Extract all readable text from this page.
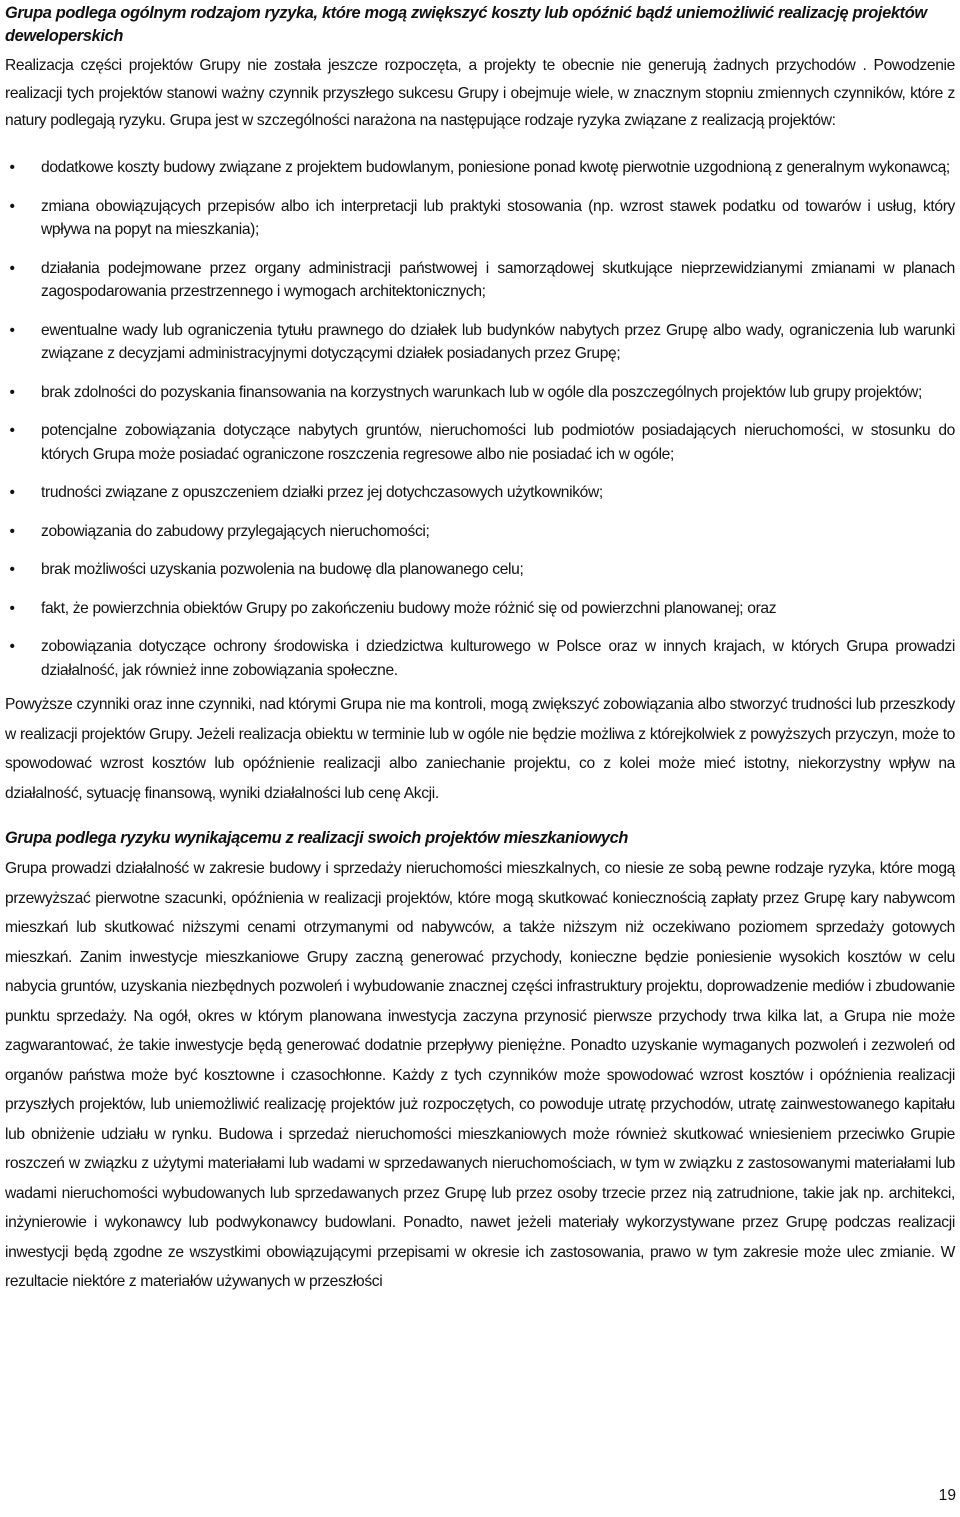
Grupa podlega ogólnym rodzajom ryzyka, które mogą zwiększyć koszty lub opóźnić bądź uniemożliwić realizację projektów deweloperskich

Realizacja części projektów Grupy nie została jeszcze rozpoczęta, a projekty te obecnie nie generują żadnych przychodów . Powodzenie realizacji tych projektów stanowi ważny czynnik przyszłego sukcesu Grupy i obejmuje wiele, w znacznym stopniu zmiennych czynników, które z natury podlegają ryzyku. Grupa jest w szczególności narażona na następujące rodzaje ryzyka związane z realizacją projektów:

• dodatkowe koszty budowy związane z projektem budowlanym, poniesione ponad kwotę pierwotnie uzgodnioną z generalnym wykonawcą;
• zmiana obowiązujących przepisów albo ich interpretacji lub praktyki stosowania (np. wzrost stawek podatku od towarów i usług, który wpływa na popyt na mieszkania);
• działania podejmowane przez organy administracji państwowej i samorządowej skutkujące nieprzewidzianymi zmianami w planach zagospodarowania przestrzennego i wymogach architektonicznych;
• ewentualne wady lub ograniczenia tytułu prawnego do działek lub budynków nabytych przez Grupę albo wady, ograniczenia lub warunki związane z decyzjami administracyjnymi dotyczącymi działek posiadanych przez Grupę;
• brak zdolności do pozyskania finansowania na korzystnych warunkach lub w ogóle dla poszczególnych projektów lub grupy projektów;
• potencjalne zobowiązania dotyczące nabytych gruntów, nieruchomości lub podmiotów posiadających nieruchomości, w stosunku do których Grupa może posiadać ograniczone roszczenia regresowe albo nie posiadać ich w ogóle;
• trudności związane z opuszczeniem działki przez jej dotychczasowych użytkowników;
• zobowiązania do zabudowy przylegających nieruchomości;
• brak możliwości uzyskania pozwolenia na budowę dla planowanego celu;
• fakt, że powierzchnia obiektów Grupy po zakończeniu budowy może różnić się od powierzchni planowanej; oraz
• zobowiązania dotyczące ochrony środowiska i dziedzictwa kulturowego w Polsce oraz w innych krajach, w których Grupa prowadzi działalność, jak również inne zobowiązania społeczne.

Powyższe czynniki oraz inne czynniki, nad którymi Grupa nie ma kontroli, mogą zwiększyć zobowiązania albo stworzyć trudności lub przeszkody w realizacji projektów Grupy. Jeżeli realizacja obiektu w terminie lub w ogóle nie będzie możliwa z którejkolwiek z powyższych przyczyn, może to spowodować wzrost kosztów lub opóźnienie realizacji albo zaniechanie projektu, co z kolei może mieć istotny, niekorzystny wpływ na działalność, sytuację finansową, wyniki działalności lub cenę Akcji.

Grupa podlega ryzyku wynikającemu z realizacji swoich projektów mieszkaniowych

Grupa prowadzi działalność w zakresie budowy i sprzedaży nieruchomości mieszkalnych, co niesie ze sobą pewne rodzaje ryzyka, które mogą przewyższać pierwotne szacunki, opóźnienia w realizacji projektów, które mogą skutkować koniecznością zapłaty przez Grupę kary nabywcom mieszkań lub skutkować niższymi cenami otrzymanymi od nabywców, a także niższym niż oczekiwano poziomem sprzedaży gotowych mieszkań. Zanim inwestycje mieszkaniowe Grupy zaczną generować przychody, konieczne będzie poniesienie wysokich kosztów w celu nabycia gruntów, uzyskania niezbędnych pozwoleń i wybudowanie znacznej części infrastruktury projektu, doprowadzenie mediów i zbudowanie punktu sprzedaży. Na ogół, okres w którym planowana inwestycja zaczyna przynosić pierwsze przychody trwa kilka lat, a Grupa nie może zagwarantować, że takie inwestycje będą generować dodatnie przepływy pieniężne. Ponadto uzyskanie wymaganych pozwoleń i zezwoleń od organów państwa może być kosztowne i czasochłonne. Każdy z tych czynników może spowodować wzrost kosztów i opóźnienia realizacji przyszłych projektów, lub uniemożliwić realizację projektów już rozpoczętych, co powoduje utratę przychodów, utratę zainwestowanego kapitału lub obniżenie udziału w rynku. Budowa i sprzedaż nieruchomości mieszkaniowych może również skutkować wniesieniem przeciwko Grupie roszczeń w związku z użytymi materiałami lub wadami w sprzedawanych nieruchomościach, w tym w związku z zastosowanymi materiałami lub wadami nieruchomości wybudowanych lub sprzedawanych przez Grupę lub przez osoby trzecie przez nią zatrudnione, takie jak np. architekci, inżynierowie i wykonawcy lub podwykonawcy budowlani. Ponadto, nawet jeżeli materiały wykorzystywane przez Grupę podczas realizacji inwestycji będą zgodne ze wszystkimi obowiązującymi przepisami w okresie ich zastosowania, prawo w tym zakresie może ulec zmianie. W rezultacie niektóre z materiałów używanych w przeszłości

19
